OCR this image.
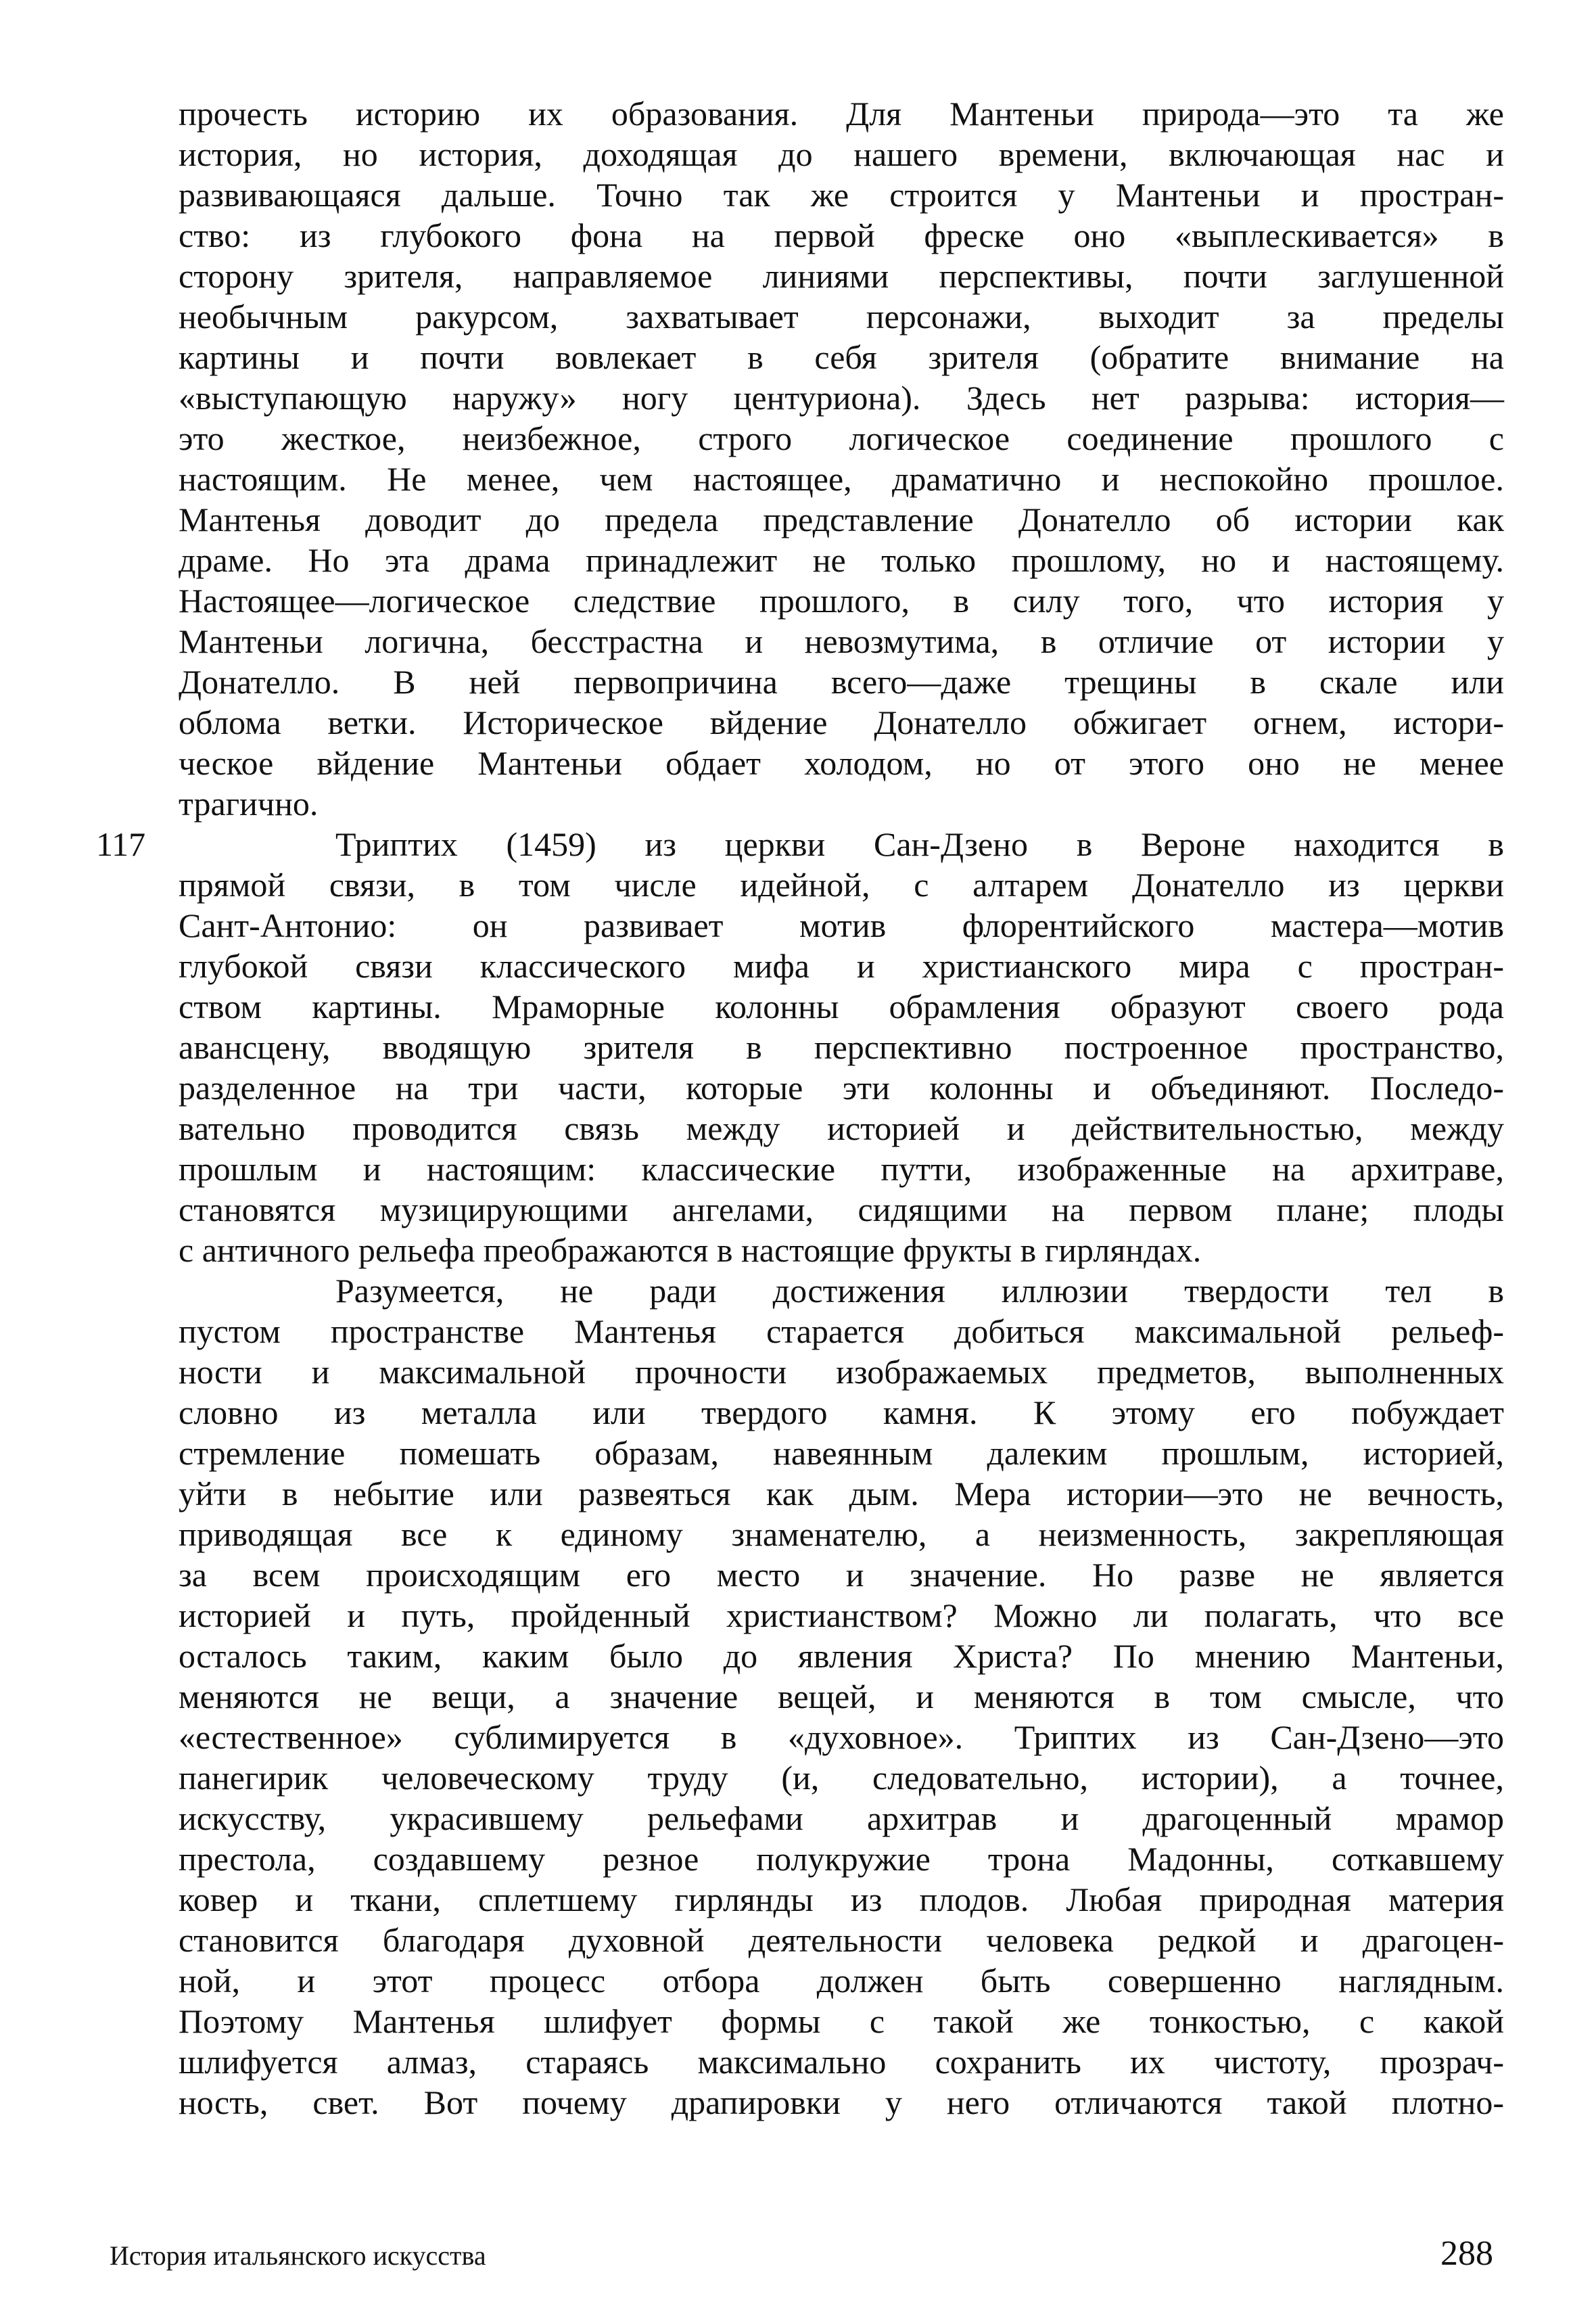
прочесть историю их образования. Для Мантеньи природа—это та же
история, но история, доходящая до нашего времени, включающая нас и
развивающаяся дальше. Точно так же строится у Мантеньи и простран-
ство: из глубокого фона на первой фреске оно «выплескивается» в
сторону зрителя, направляемое линиями перспективы, почти заглушенной
необычным ракурсом, захватывает персонажи, выходит за пределы
картины и почти вовлекает в себя зрителя (обратите внимание на
«выступающую наружу» ногу центуриона). Здесь нет разрыва: история—
это жесткое, неизбежное, строго логическое соединение прошлого с
настоящим. Не менее, чем настоящее, драматично и неспокойно прошлое.
Мантенья доводит до предела представление Донателло об истории как
драме. Но эта драма принадлежит не только прошлому, но и настоящему.
Настоящее—логическое следствие прошлого, в силу того, что история у
Мантеньи логична, бесстрастна и невозмутима, в отличие от истории у
Донателло. В ней первопричина всего—даже трещины в скале или
облома ветки. Историческое вйдение Донателло обжигает огнем, истори-
ческое вйдение Мантеньи обдает холодом, но от этого оно не менее
трагично.
Триптих (1459) из церкви Сан-Дзено в Вероне находится в
прямой связи, в том числе идейной, с алтарем Донателло из церкви
Сант-Антонио: он развивает мотив флорентийского мастера—мотив
глубокой связи классического мифа и христианского мира с простран-
ством картины. Мраморные колонны обрамления образуют своего рода
авансцену, вводящую зрителя в перспективно построенное пространство,
разделенное на три части, которые эти колонны и объединяют. Последо-
вательно проводится связь между историей и действительностью, между
прошлым и настоящим: классические путти, изображенные на архитраве,
становятся музицирующими ангелами, сидящими на первом плане; плоды
с античного рельефа преображаются в настоящие фрукты в гирляндах.
Разумеется, не ради достижения иллюзии твердости тел в
пустом пространстве Мантенья старается добиться максимальной рельеф-
ности и максимальной прочности изображаемых предметов, выполненных
словно из металла или твердого камня. К этому его побуждает
стремление помешать образам, навеянным далеким прошлым, историей,
уйти в небытие или развеяться как дым. Мера истории—это не вечность,
приводящая все к единому знаменателю, а неизменность, закрепляющая
за всем происходящим его место и значение. Но разве не является
историей и путь, пройденный христианством? Можно ли полагать, что все
осталось таким, каким было до явления Христа? По мнению Мантеньи,
меняются не вещи, а значение вещей, и меняются в том смысле, что
«естественное» сублимируется в «духовное». Триптих из Сан-Дзено—это
панегирик человеческому труду (и, следовательно, истории), а точнее,
искусству, украсившему рельефами архитрав и драгоценный мрамор
престола, создавшему резное полукружие трона Мадонны, соткавшему
ковер и ткани, сплетшему гирлянды из плодов. Любая природная материя
становится благодаря духовной деятельности человека редкой и драгоцен-
ной, и этот процесс отбора должен быть совершенно наглядным.
Поэтому Мантенья шлифует формы с такой же тонкостью, с какой
шлифуется алмаз, стараясь максимально сохранить их чистоту, прозрач-
ность, свет. Вот почему драпировки у него отличаются такой плотно-
117
История итальянского искусства	288
